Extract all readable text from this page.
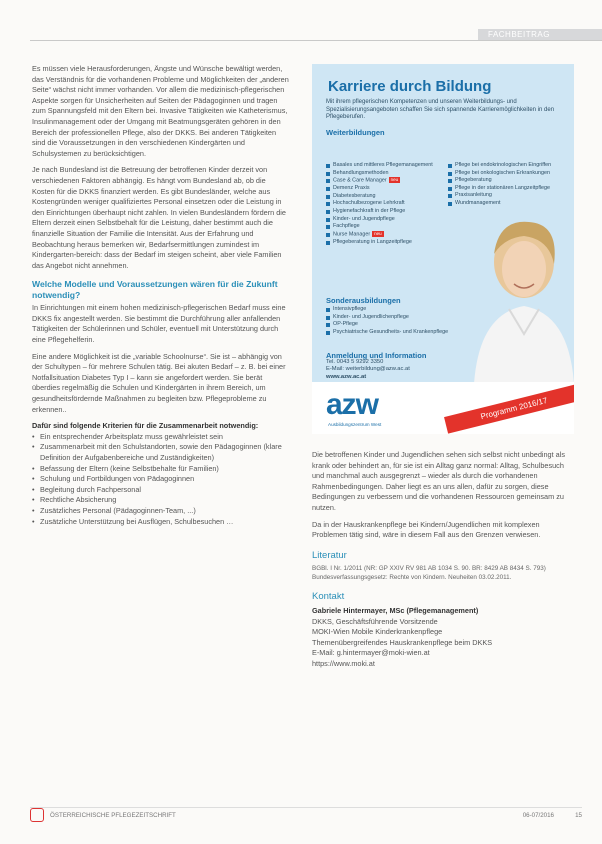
FACHBEITRAG

Es müssen viele Herausforderungen, Ängste und Wünsche bewältigt werden, das Verständnis für die vorhandenen Probleme und Möglichkeiten der „anderen Seite“ wächst nicht immer vorhanden. Vor allem die medizinisch-pflegerischen Aspekte sorgen für Unsicherheiten auf Seiten der Pädagoginnen und tragen zum Spannungsfeld mit den Eltern bei. Invasive Tätigkeiten wie Katheterismus, Insulinmanagement oder der Umgang mit Beatmungsgeräten gehören in den Bereich der professionellen Pflege, also der DKKS. Bei anderen Tätigkeiten sind die Voraussetzungen in den verschiedenen Kindergärten und Schulsystemen zu berücksichtigen.

Je nach Bundesland ist die Betreuung der betroffenen Kinder derzeit von verschiedenen Faktoren abhängig. Es hängt vom Bundesland ab, ob die Kosten für die DKKS finanziert werden. Es gibt Bundesländer, welche aus Kostengründen weniger qualifiziertes Personal einsetzen oder die Leistung in den Einrichtungen überhaupt nicht zahlen. In vielen Bundesländern fördern die Eltern derzeit einen Selbstbehalt für die Leistung, daher bestimmt auch die finanzielle Situation der Familie die Intensität. Aus der Erfahrung und Beobachtung heraus bemerken wir, Bedarfsermittlungen zumindest im Kindergarten-bereich: dass der Bedarf im steigen scheint, aber viele Familien das Angebot nicht annehmen.

Welche Modelle und Voraussetzungen wären für die Zukunft notwendig?

In Einrichtungen mit einem hohen medizinisch-pflegerischen Bedarf muss eine DKKS fix angestellt werden. Sie bestimmt die Durchführung aller anfallenden Tätigkeiten der Schülerinnen und Schüler, eventuell mit Unterstützung durch eine Pflegehelferin.

Eine andere Möglichkeit ist die „variable Schoolnurse“. Sie ist – abhängig von der Schultypen – für mehrere Schulen tätig. Bei akuten Bedarf – z. B. bei einer Notfallsituation Diabetes Typ I – kann sie angefordert werden. Sie berät überdies regelmäßig die Schulen und Kindergärten in ihrem Bereich, um gesundheitsfördernde Maßnahmen zu begleiten bzw. Pflegeprobleme zu erkennen..

Dafür sind folgende Kriterien für die Zusammenarbeit notwendig:
• Ein entsprechender Arbeitsplatz muss gewährleistet sein
• Zusammenarbeit mit den Schulstandorten, sowie den Pädagoginnen (klare Definition der Aufgabenbereiche und Zuständigkeiten)
• Befassung der Eltern (keine Selbstbehalte für Familien)
• Schulung und Fortbildungen von Pädagoginnen
• Begleitung durch Fachpersonal
• Rechtliche Absicherung
• Zusätzliches Personal (Pädagoginnen-Team, ...)
• Zusätzliche Unterstützung bei Ausflügen, Schulbesuchen …
Karriere durch Bildung
Mit ihrem pflegerischen Kompetenzen und unseren Weiterbildungs- und Spezialisierungsangeboten schaffen Sie sich spannende Karrieremöglichkeiten in den Pflegeberufen.
Weiterbildungen
Basales und mittleres Pflegemanagement
Behandlungsmethoden
Case & Care Manager neu
Demenz Praxis
Diabetesberatung
Hochschulbezogene Lehrkraft
Hygienefachkraft in der Pflege
Kinder- und Jugendpflege
Fachpflege
Nurse Manager neu
Pflegeberatung in Langzeitpflege
Pflege bei endokrinologischen Eingriffen
Pflege bei onkologischen Erkrankungen
Pflegeberatung
Pflege in der stationären Langzeitpflege
Praxisanleitung
Wundmanagement
Sonderausbildungen
Intensivpflege
Kinder- und Jugendlichenpflege
OP-Pflege
Psychiatrische Gesundheits- und Krankenpflege
Anmeldung und Information
Tel. 0043 5 9292 3350
E-Mail: weiterbildung@azw.ac.at
www.azw.ac.at
azw
Ausbildungszentrum West
Programm 2016/17

Die betroffenen Kinder und Jugendlichen sehen sich selbst nicht unbedingt als krank oder behindert an, für sie ist ein Alltag ganz normal: Alltag, Schulbesuch und manchmal auch ausgegrenzt – wieder als durch die vorhandenen Rahmenbedingungen. Daher liegt es an uns allen, dafür zu sorgen, diese Bedingungen zu verbessern und die vorhandenen Ressourcen gemeinsam zu nutzen.

Da in der Hauskrankenpflege bei Kindern/Jugendlichen mit komplexen Problemen tätig sind, wäre in diesem Fall aus den Grenzen verwiesen.

Literatur
BGBl. I Nr. 1/2011 (NR: GP XXIV RV 981 AB 1034 S. 90. BR: 8429 AB 8434 S. 793) Bundesverfassungsgesetz: Rechte von Kindern. Neuheiten 03.02.2011.
Kontakt
Gabriele Hintermayer, MSc (Pflegemanagement)
DKKS, Geschäftsführende Vorsitzende
MOKI-Wien Mobile Kinderkrankenpflege
Themenübergreifendes Hauskrankenpflege beim DKKS
E-Mail: g.hintermayer@moki-wien.at
https://www.moki.at
ÖSTERREICHISCHE PFLEGEZEITSCHRIFT	06-07/2016	15
